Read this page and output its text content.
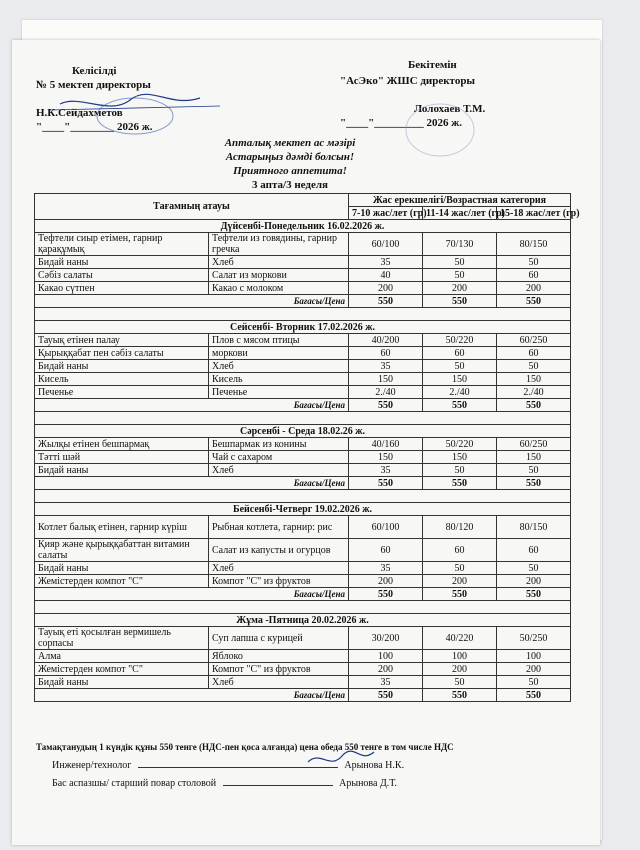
Келісілді
№ 5 мектеп директоры
Н.К.Сейдахметов
"____"________ 2026 ж.
Бекітемін
"АсЭко" ЖШС директоры
Лолохаев Т.М.
"____"_________ 2026 ж.
Апталық мектеп ас мәзірі
Астарыңыз дәмді болсын!
Приятного аппетита!
3 апта/3 неделя
Тағамның атауы		Жас ерекшелігі/Возрастная категория		
		7-10 жас/лет (гр)	11-14 жас/лет (гр)	15-18 жас/лет (гр)
Дүйсенбі-Понедельник 16.02.2026 ж.				
Тефтели сиыр етімен, гарнир қарақұмық	Тефтели из говядины, гарнир гречка	60/100	70/130	80/150
Бидай наны	Хлеб	35	50	50
Сәбіз салаты	Салат из моркови	40	50	60
Какао сүтпен	Какао с молоком	200	200	200
Бағасы/Цена		550	550	550

Сейсенбі- Вторник 17.02.2026 ж.				
Тауық етінен палау	Плов с мясом птицы	40/200	50/220	60/250
Қырыққабат пен сәбіз салаты	моркови	60	60	60
Бидай наны	Хлеб	35	50	50
Кисель	Кисель	150	150	150
Печенье	Печенье	2./40	2./40	2./40
Бағасы/Цена		550	550	550

Сәрсенбі - Среда 18.02.26 ж.				
Жылқы етінен бешпармақ	Бешпармак из конины	40/160	50/220	60/250
Тәтті шәй	Чай с сахаром	150	150	150
Бидай наны	Хлеб	35	50	50
Бағасы/Цена		550	550	550

Бейсенбі-Четверг 19.02.2026 ж.				
Котлет балық етінен, гарнир күріш	Рыбная котлета, гарнир: рис	60/100	80/120	80/150
Қияр және қырыққабаттан витамин салаты	Салат из капусты и огурцов	60	60	60
Бидай наны	Хлеб	35	50	50
Жемістерден компот "С"	Компот "С" из фруктов	200	200	200
Бағасы/Цена		550	550	550

Жұма -Пятница 20.02.2026 ж.				
Тауық еті қосылған вермишель сорпасы	Суп лапша с курицей	30/200	40/220	50/250
Алма	Яблоко	100	100	100
Жемістерден компот "С"	Компот "С" из фруктов	200	200	200
Бидай наны	Хлеб	35	50	50
Бағасы/Цена		550	550	550
Тамақтанудың 1 күндік құны 550 тенге (НДС-пен қоса алғанда) цена обеда 550 тенге в том чиcле НДС
Инженер/технолог	Арынова Н.К.
Бас аспазшы/ старший повар столовой	Арынова Д.Т.
